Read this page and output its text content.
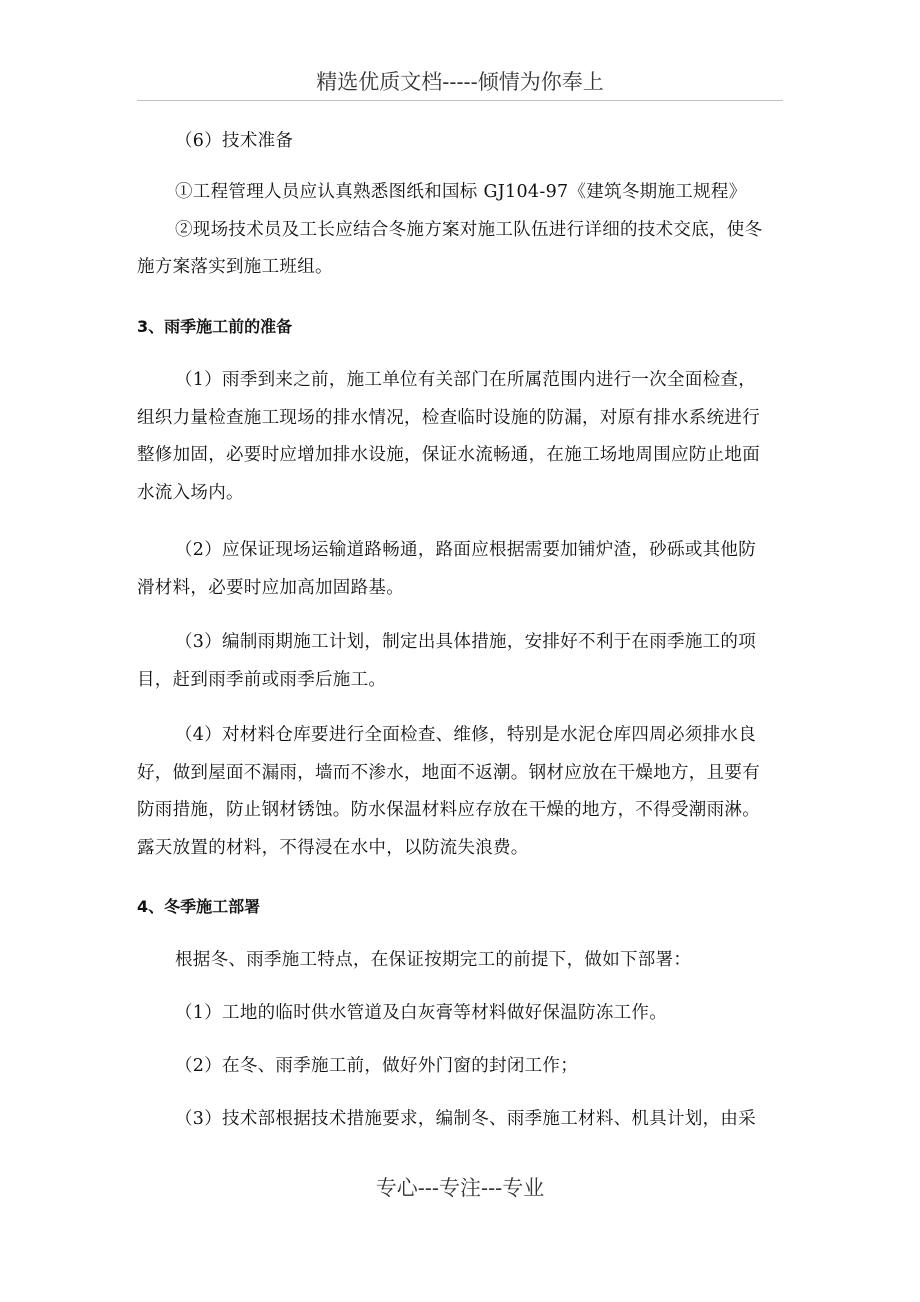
精选优质文档-----倾情为你奉上
（6）技术准备
①工程管理人员应认真熟悉图纸和国标 GJ104-97《建筑冬期施工规程》
②现场技术员及工长应结合冬施方案对施工队伍进行详细的技术交底，使冬
施方案落实到施工班组。
3、雨季施工前的准备
（1）雨季到来之前，施工单位有关部门在所属范围内进行一次全面检查，
组织力量检查施工现场的排水情况，检查临时设施的防漏，对原有排水系统进行
整修加固，必要时应增加排水设施，保证水流畅通，在施工场地周围应防止地面
水流入场内。
（2）应保证现场运输道路畅通，路面应根据需要加铺炉渣，砂砾或其他防
滑材料，必要时应加高加固路基。
（3）编制雨期施工计划，制定出具体措施，安排好不利于在雨季施工的项
目，赶到雨季前或雨季后施工。
（4）对材料仓库要进行全面检查、维修，特别是水泥仓库四周必须排水良
好，做到屋面不漏雨，墙而不渗水，地面不返潮。钢材应放在干燥地方，且要有
防雨措施，防止钢材锈蚀。防水保温材料应存放在干燥的地方，不得受潮雨淋。
露天放置的材料，不得浸在水中，以防流失浪费。
4、冬季施工部署
根据冬、雨季施工特点，在保证按期完工的前提下，做如下部署：
（1）工地的临时供水管道及白灰膏等材料做好保温防冻工作。
（2）在冬、雨季施工前，做好外门窗的封闭工作；
（3）技术部根据技术措施要求，编制冬、雨季施工材料、机具计划，由采
专心---专注---专业
